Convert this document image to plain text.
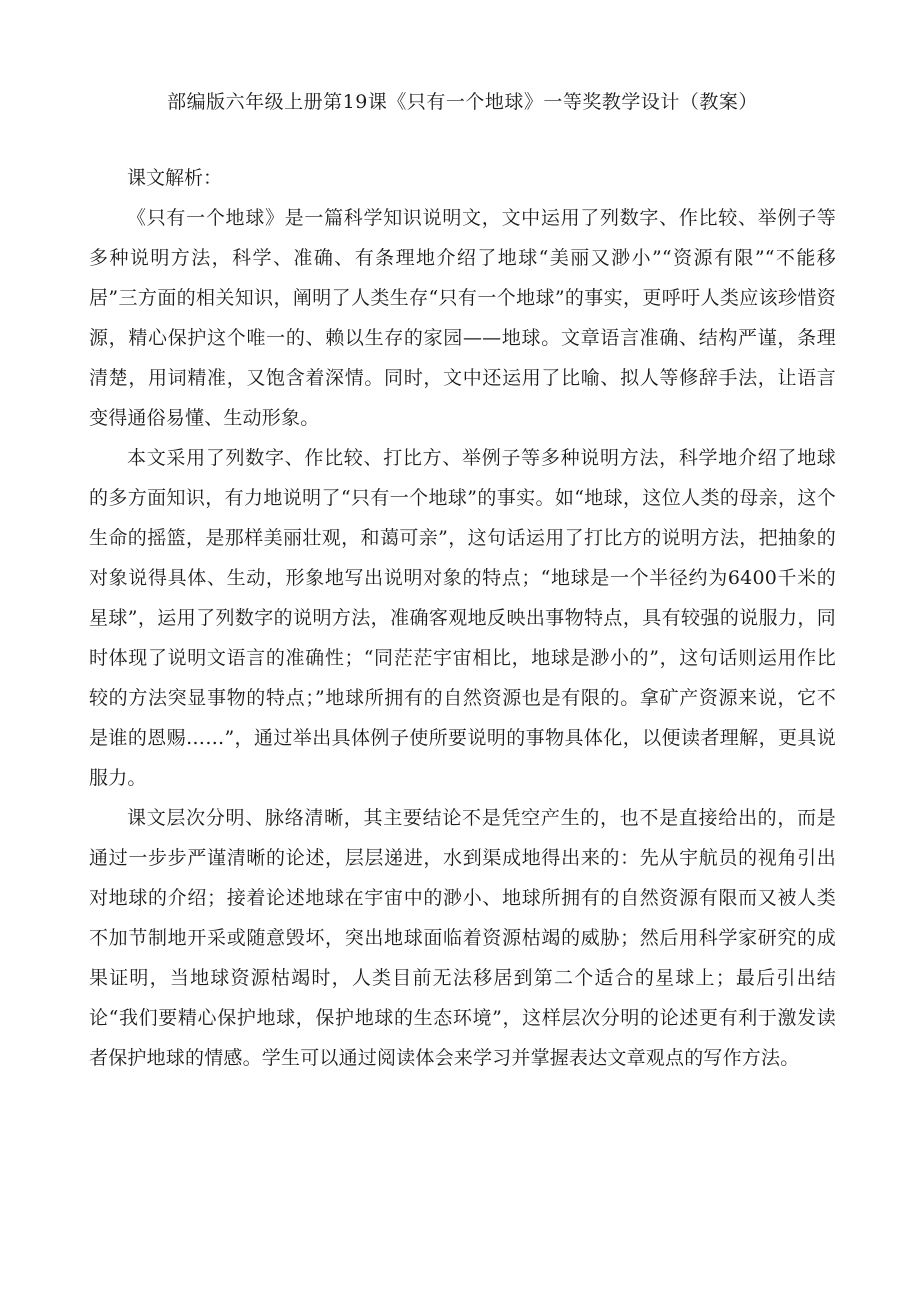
部编版六年级上册第19课《只有一个地球》一等奖教学设计（教案）

课文解析：

《只有一个地球》是一篇科学知识说明文，文中运用了列数字、作比较、举例子等多种说明方法，科学、准确、有条理地介绍了地球“美丽又渺小”“资源有限”“不能移居”三方面的相关知识，阐明了人类生存“只有一个地球”的事实，更呼吁人类应该珍惜资源，精心保护这个唯一的、赖以生存的家园——地球。文章语言准确、结构严谨，条理清楚，用词精准，又饱含着深情。同时，文中还运用了比喻、拟人等修辞手法，让语言变得通俗易懂、生动形象。

本文采用了列数字、作比较、打比方、举例子等多种说明方法，科学地介绍了地球的多方面知识，有力地说明了“只有一个地球”的事实。如“地球，这位人类的母亲，这个生命的摇篮，是那样美丽壮观，和蔼可亲”，这句话运用了打比方的说明方法，把抽象的对象说得具体、生动，形象地写出说明对象的特点；“地球是一个半径约为6400千米的星球”，运用了列数字的说明方法，准确客观地反映出事物特点，具有较强的说服力，同时体现了说明文语言的准确性；“同茫茫宇宙相比，地球是渺小的”，这句话则运用作比较的方法突显事物的特点；”地球所拥有的自然资源也是有限的。拿矿产资源来说，它不是谁的恩赐……”，通过举出具体例子使所要说明的事物具体化，以便读者理解，更具说服力。

课文层次分明、脉络清晰，其主要结论不是凭空产生的，也不是直接给出的，而是通过一步步严谨清晰的论述，层层递进，水到渠成地得出来的：先从宇航员的视角引出对地球的介绍；接着论述地球在宇宙中的渺小、地球所拥有的自然资源有限而又被人类不加节制地开采或随意毁坏，突出地球面临着资源枯竭的威胁；然后用科学家研究的成果证明，当地球资源枯竭时，人类目前无法移居到第二个适合的星球上；最后引出结论“我们要精心保护地球，保护地球的生态环境”，这样层次分明的论述更有利于激发读者保护地球的情感。学生可以通过阅读体会来学习并掌握表达文章观点的写作方法。
